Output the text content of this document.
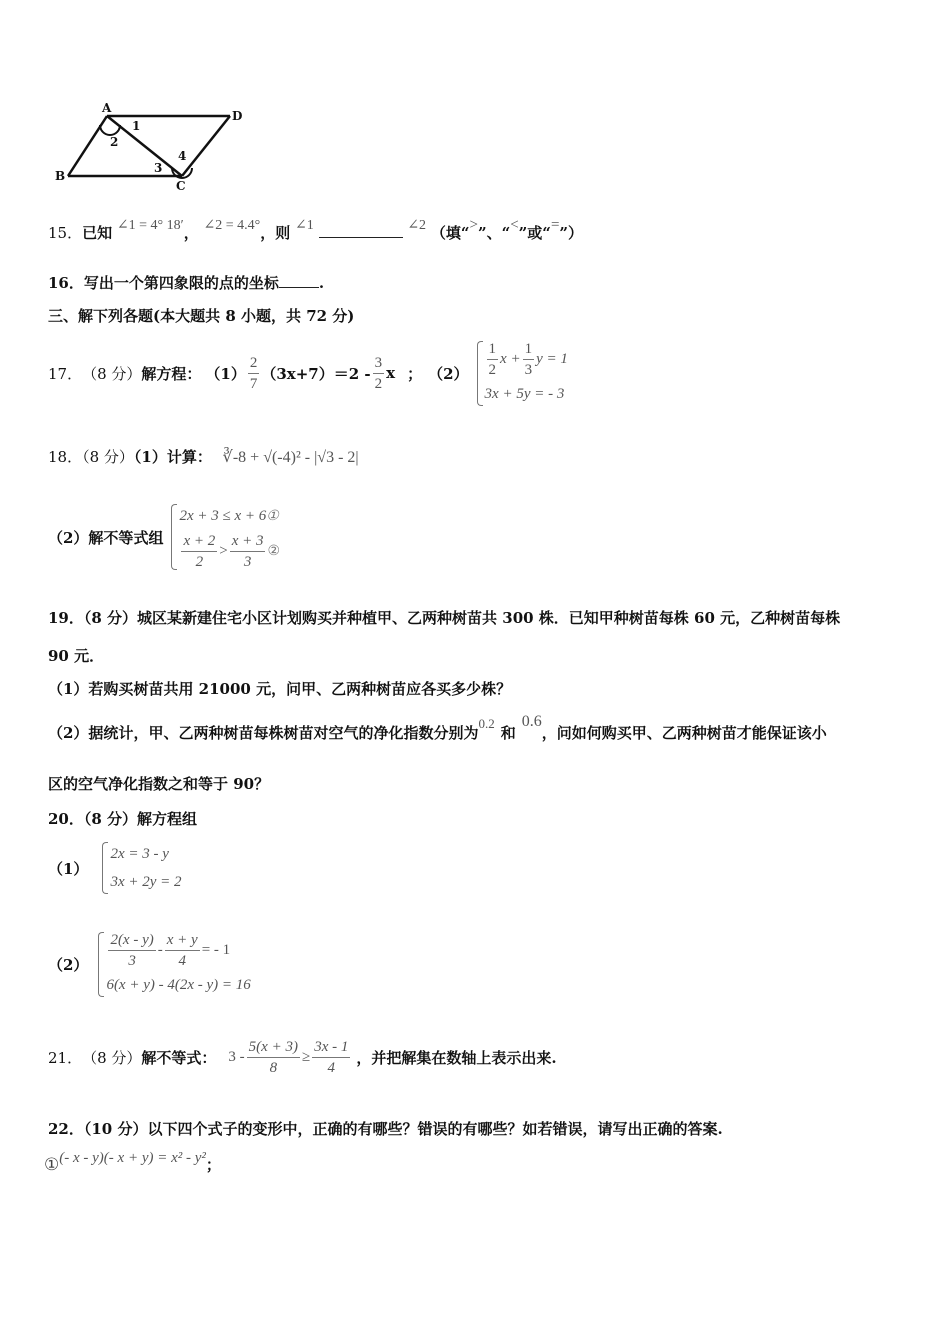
A
D
B
C
1
2
3
4
15．已知 ∠1 = 4° 18′， ∠2 = 4.4°，则 ∠1	∠2 （填“>”、“<”或“=”）
16．写出一个第四象限的点的坐标	.
三、解下列各题(本大题共 8 小题，共 72 分)
17． （8 分） 解方程： $(1) \frac{2}{7} (3x+7)=2 - \frac{3}{2}$ x ； $(2) \frac{1}{2}$ $x + \frac{1}{3}$ y = 1
3x + 5y = - 3
18．（8 分）（1）计算： ∛-8 + √(-4)² - |√3 - 2|
（2）解不等式组
2x + 3 ≤ x + 6①
$\frac{x + 2}{2} > \frac{x + 3}{3}$ ②
19．（8 分）城区某新建住宅小区计划购买并种植甲、乙两种树苗共 300 株．已知甲种树苗每株 60 元，乙种树苗每株
90 元．
（1）若购买树苗共用 21000 元，问甲、乙两种树苗应各买多少株？
（2）据统计，甲、乙两种树苗每株树苗对空气的净化指数分别为0.2和0.6，问如何购买甲、乙两种树苗才能保证该小
区的空气净化指数之和等于 90？
20．（8 分）解方程组
（1）
2x = 3 - y
3x + 2y = 2
$(2) \frac{2(x - y)}{3} - \frac{x + y}{4}$ = - 1
6(x + y) - 4(2x - y) = 16
21． （8 分） 解不等式： $3 - \frac{5(x + 3)}{8} \ge \frac{3x - 1}{4}$ ，并把解集在数轴上表示出来.
22．（10 分）以下四个式子的变形中，正确的有哪些？错误的有哪些？如若错误，请写出正确的答案.
①(- x - y)(- x + y) = x² - y²；
